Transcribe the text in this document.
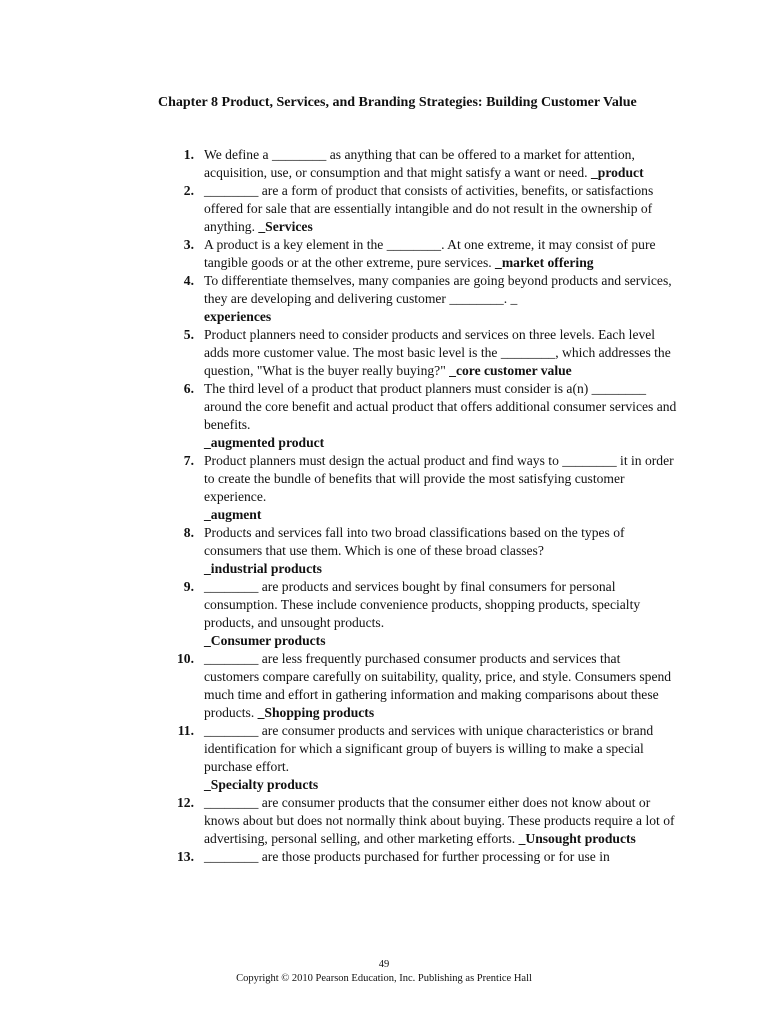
Chapter 8 Product, Services, and Branding Strategies: Building Customer Value
1. We define a ________ as anything that can be offered to a market for attention, acquisition, use, or consumption and that might satisfy a want or need. _product
2. ________ are a form of product that consists of activities, benefits, or satisfactions offered for sale that are essentially intangible and do not result in the ownership of anything. _Services
3. A product is a key element in the ________. At one extreme, it may consist of pure tangible goods or at the other extreme, pure services. _market offering
4. To differentiate themselves, many companies are going beyond products and services, they are developing and delivering customer ________. _
experiences
5. Product planners need to consider products and services on three levels. Each level adds more customer value. The most basic level is the ________, which addresses the question, "What is the buyer really buying?" _core customer value
6. The third level of a product that product planners must consider is a(n) ________ around the core benefit and actual product that offers additional consumer services and benefits.
_augmented product
7. Product planners must design the actual product and find ways to ________ it in order to create the bundle of benefits that will provide the most satisfying customer experience.
_augment
8. Products and services fall into two broad classifications based on the types of consumers that use them. Which is one of these broad classes?
_industrial products
9. ________ are products and services bought by final consumers for personal consumption. These include convenience products, shopping products, specialty products, and unsought products.
_Consumer products
10. ________ are less frequently purchased consumer products and services that customers compare carefully on suitability, quality, price, and style. Consumers spend much time and effort in gathering information and making comparisons about these products. _Shopping products
11. ________ are consumer products and services with unique characteristics or brand identification for which a significant group of buyers is willing to make a special purchase effort.
_Specialty products
12. ________ are consumer products that the consumer either does not know about or knows about but does not normally think about buying. These products require a lot of advertising, personal selling, and other marketing efforts. _Unsought products
13. ________ are those products purchased for further processing or for use in
49
Copyright © 2010 Pearson Education, Inc. Publishing as Prentice Hall
